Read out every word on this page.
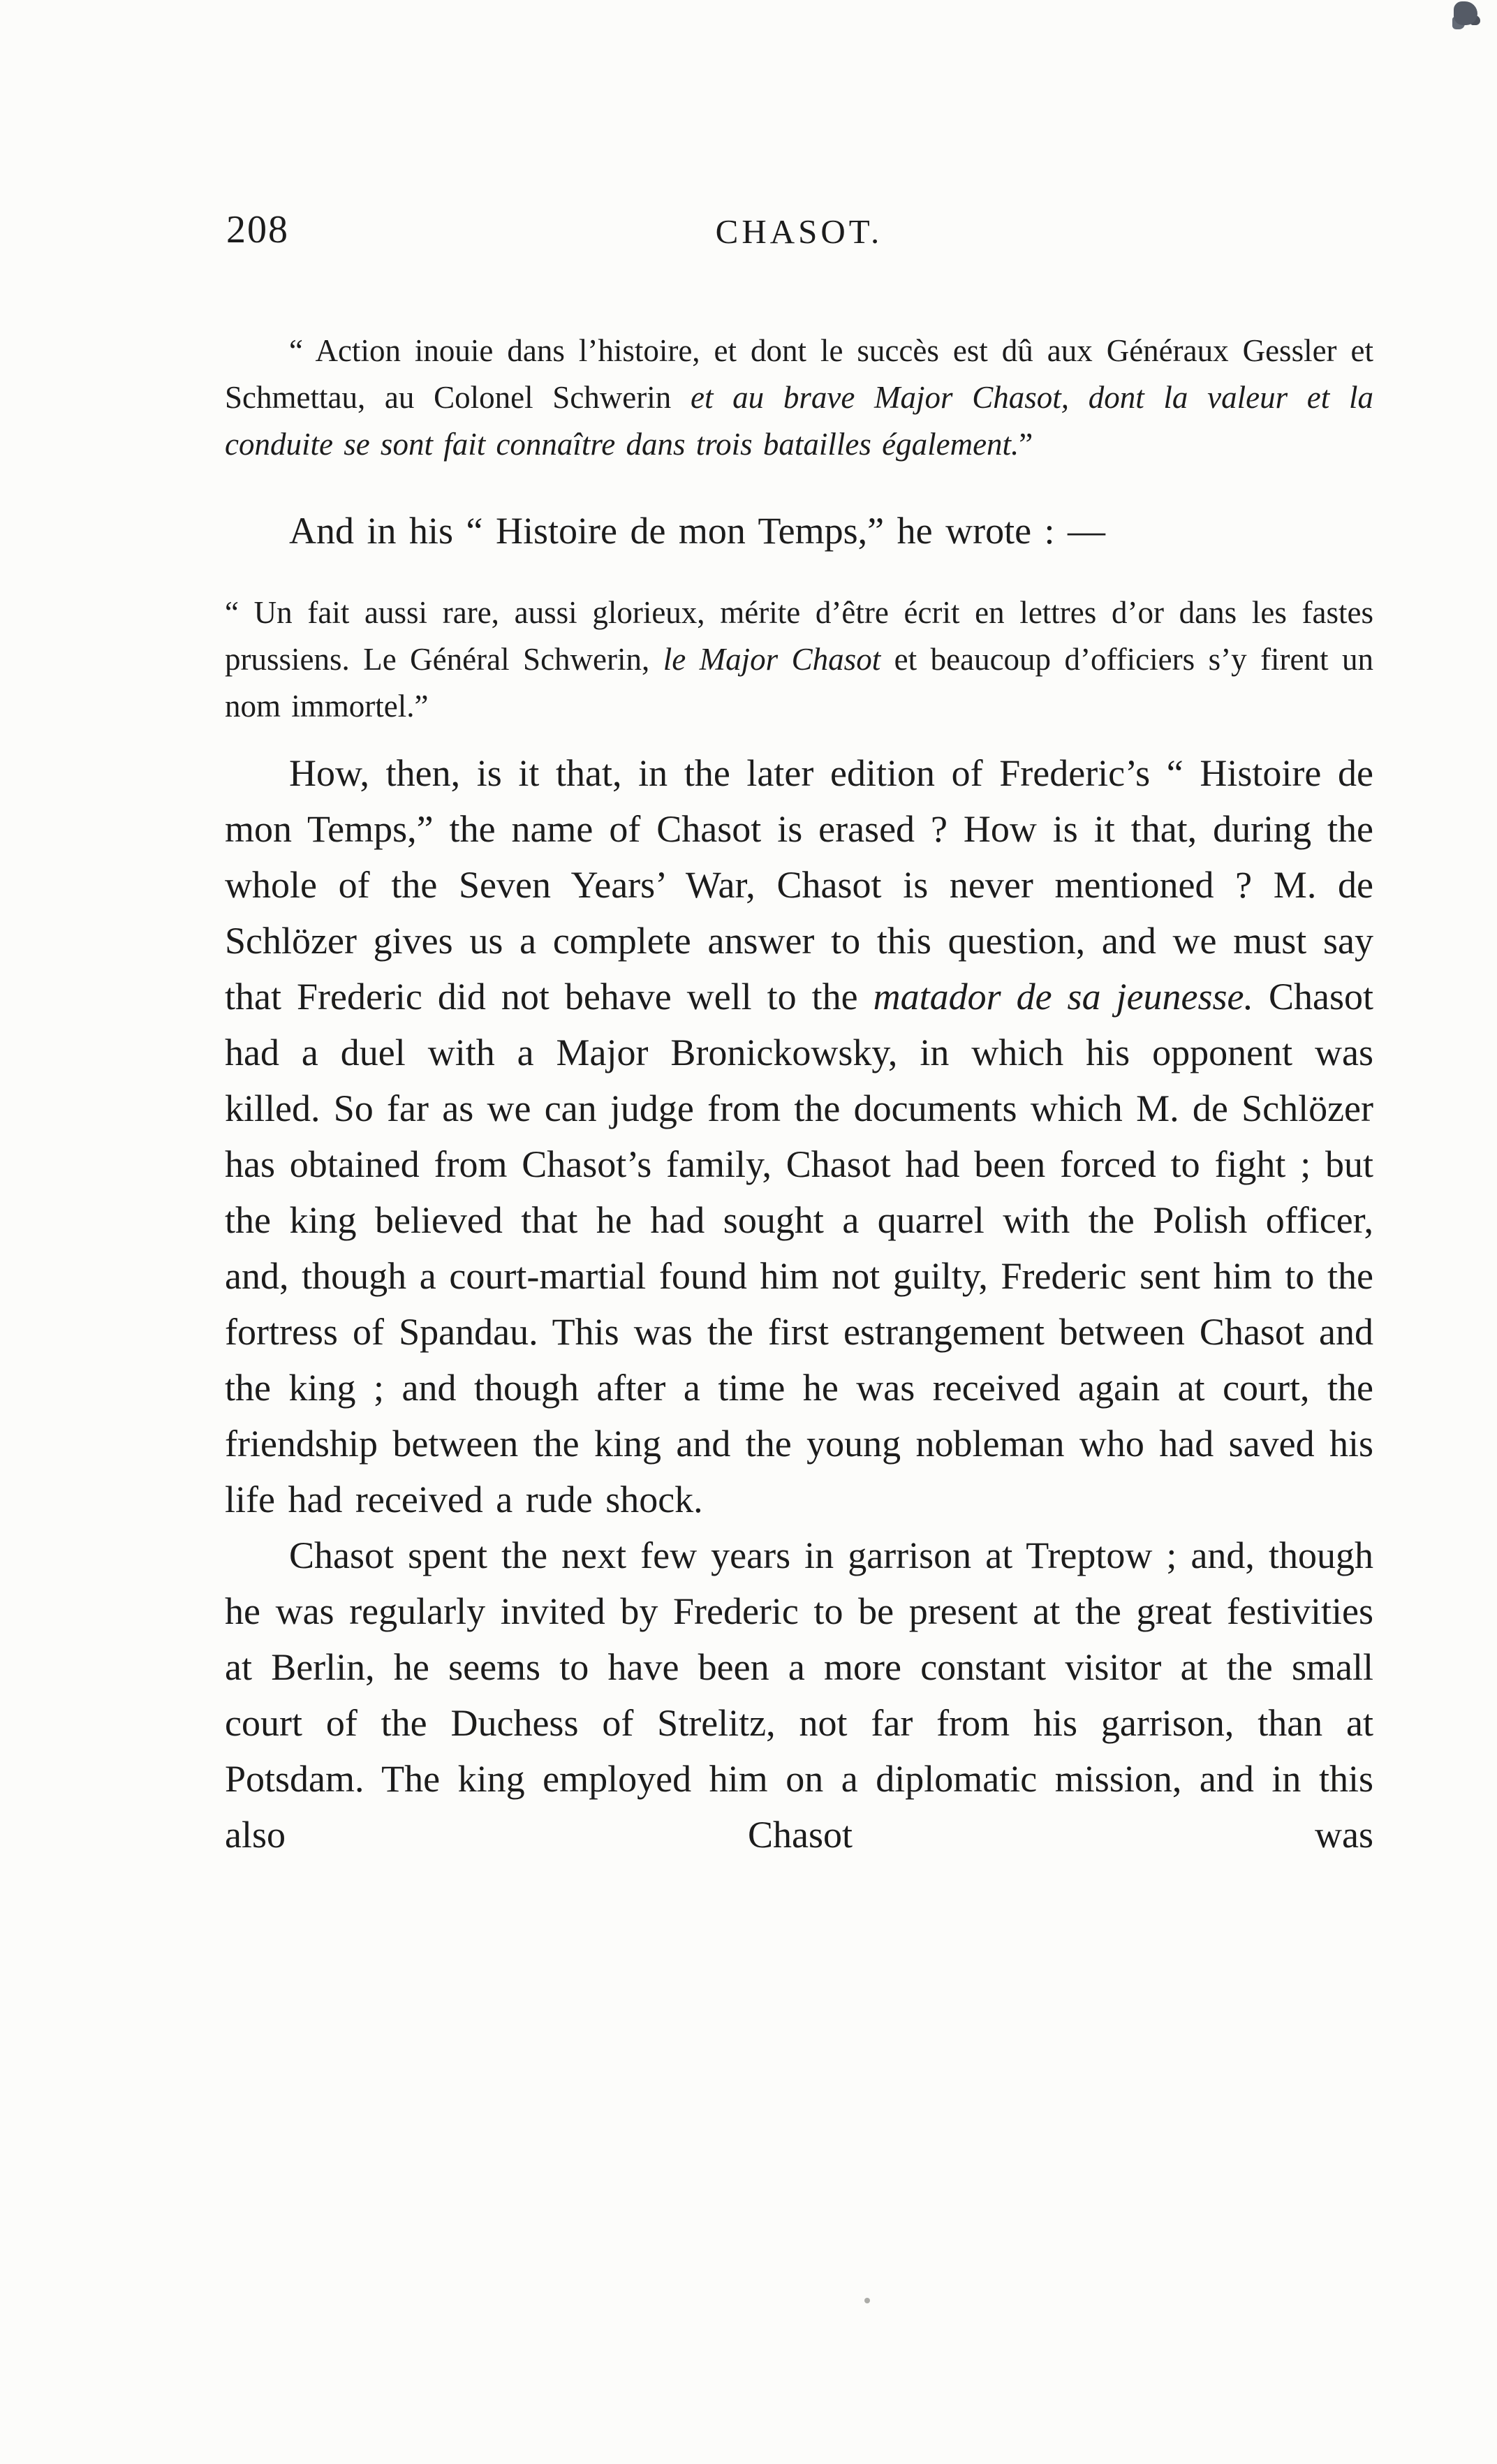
208	CHASOT.

“ Action inouie dans l’histoire, et dont le succès est dû aux Généraux Gessler et Schmettau, au Colonel Schwerin et au brave Major Chasot, dont la valeur et la conduite se sont fait connaître dans trois batailles également.”

And in his “ Histoire de mon Temps,” he wrote : —

“ Un fait aussi rare, aussi glorieux, mérite d’être écrit en lettres d’or dans les fastes prussiens. Le Général Schwerin, le Major Chasot et beaucoup d’officiers s’y firent un nom immortel.”

How, then, is it that, in the later edition of Frederic’s “ Histoire de mon Temps,” the name of Chasot is erased ? How is it that, during the whole of the Seven Years’ War, Chasot is never mentioned ? M. de Schlözer gives us a complete answer to this question, and we must say that Frederic did not behave well to the matador de sa jeunesse. Chasot had a duel with a Major Bronickowsky, in which his opponent was killed. So far as we can judge from the documents which M. de Schlözer has obtained from Chasot’s family, Chasot had been forced to fight ; but the king believed that he had sought a quarrel with the Polish officer, and, though a court-martial found him not guilty, Frederic sent him to the fortress of Spandau. This was the first estrangement between Chasot and the king ; and though after a time he was received again at court, the friendship between the king and the young nobleman who had saved his life had received a rude shock.

Chasot spent the next few years in garrison at Treptow ; and, though he was regularly invited by Frederic to be present at the great festivities at Berlin, he seems to have been a more constant visitor at the small court of the Duchess of Strelitz, not far from his garrison, than at Potsdam. The king employed him on a diplomatic mission, and in this also Chasot was
